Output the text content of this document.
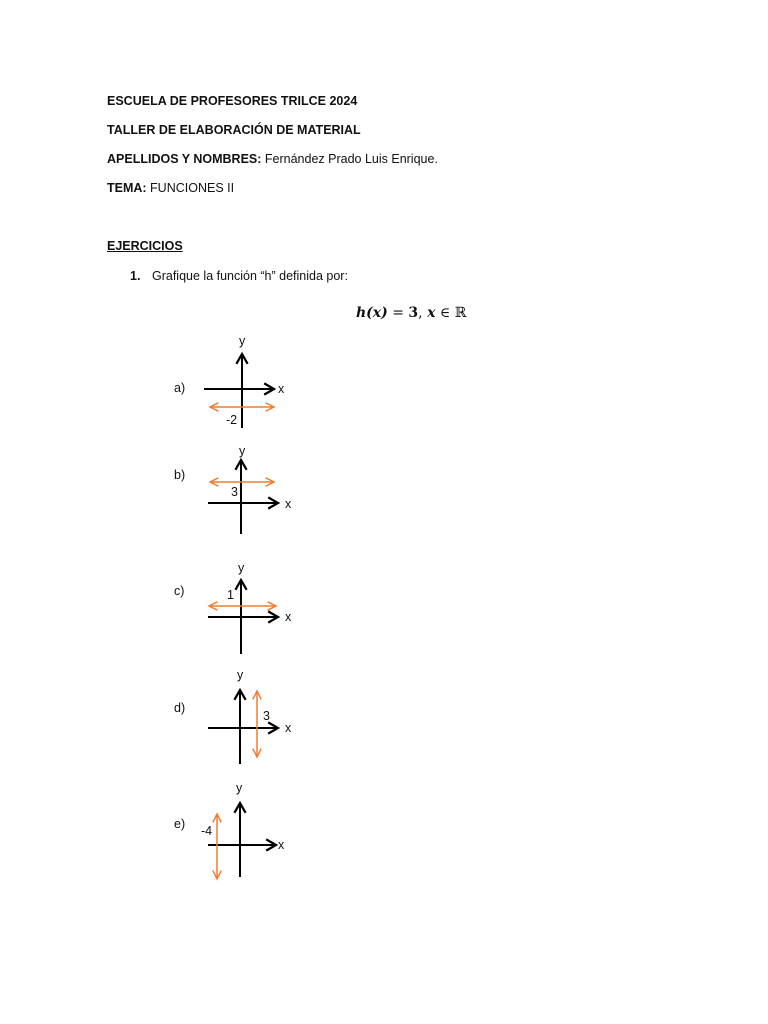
ESCUELA DE PROFESORES TRILCE 2024
TALLER DE ELABORACIÓN DE MATERIAL
APELLIDOS Y NOMBRES: Fernández Prado Luis Enrique.
TEMA: FUNCIONES II
EJERCICIOS
1. Grafique la función “h” definida por:
h(x) = 3, x ∈ ℝ
a)
b)
c)
d)
e)
y
x
-2
y
x
3
y
x
1
y
x
3
y
x
-4
